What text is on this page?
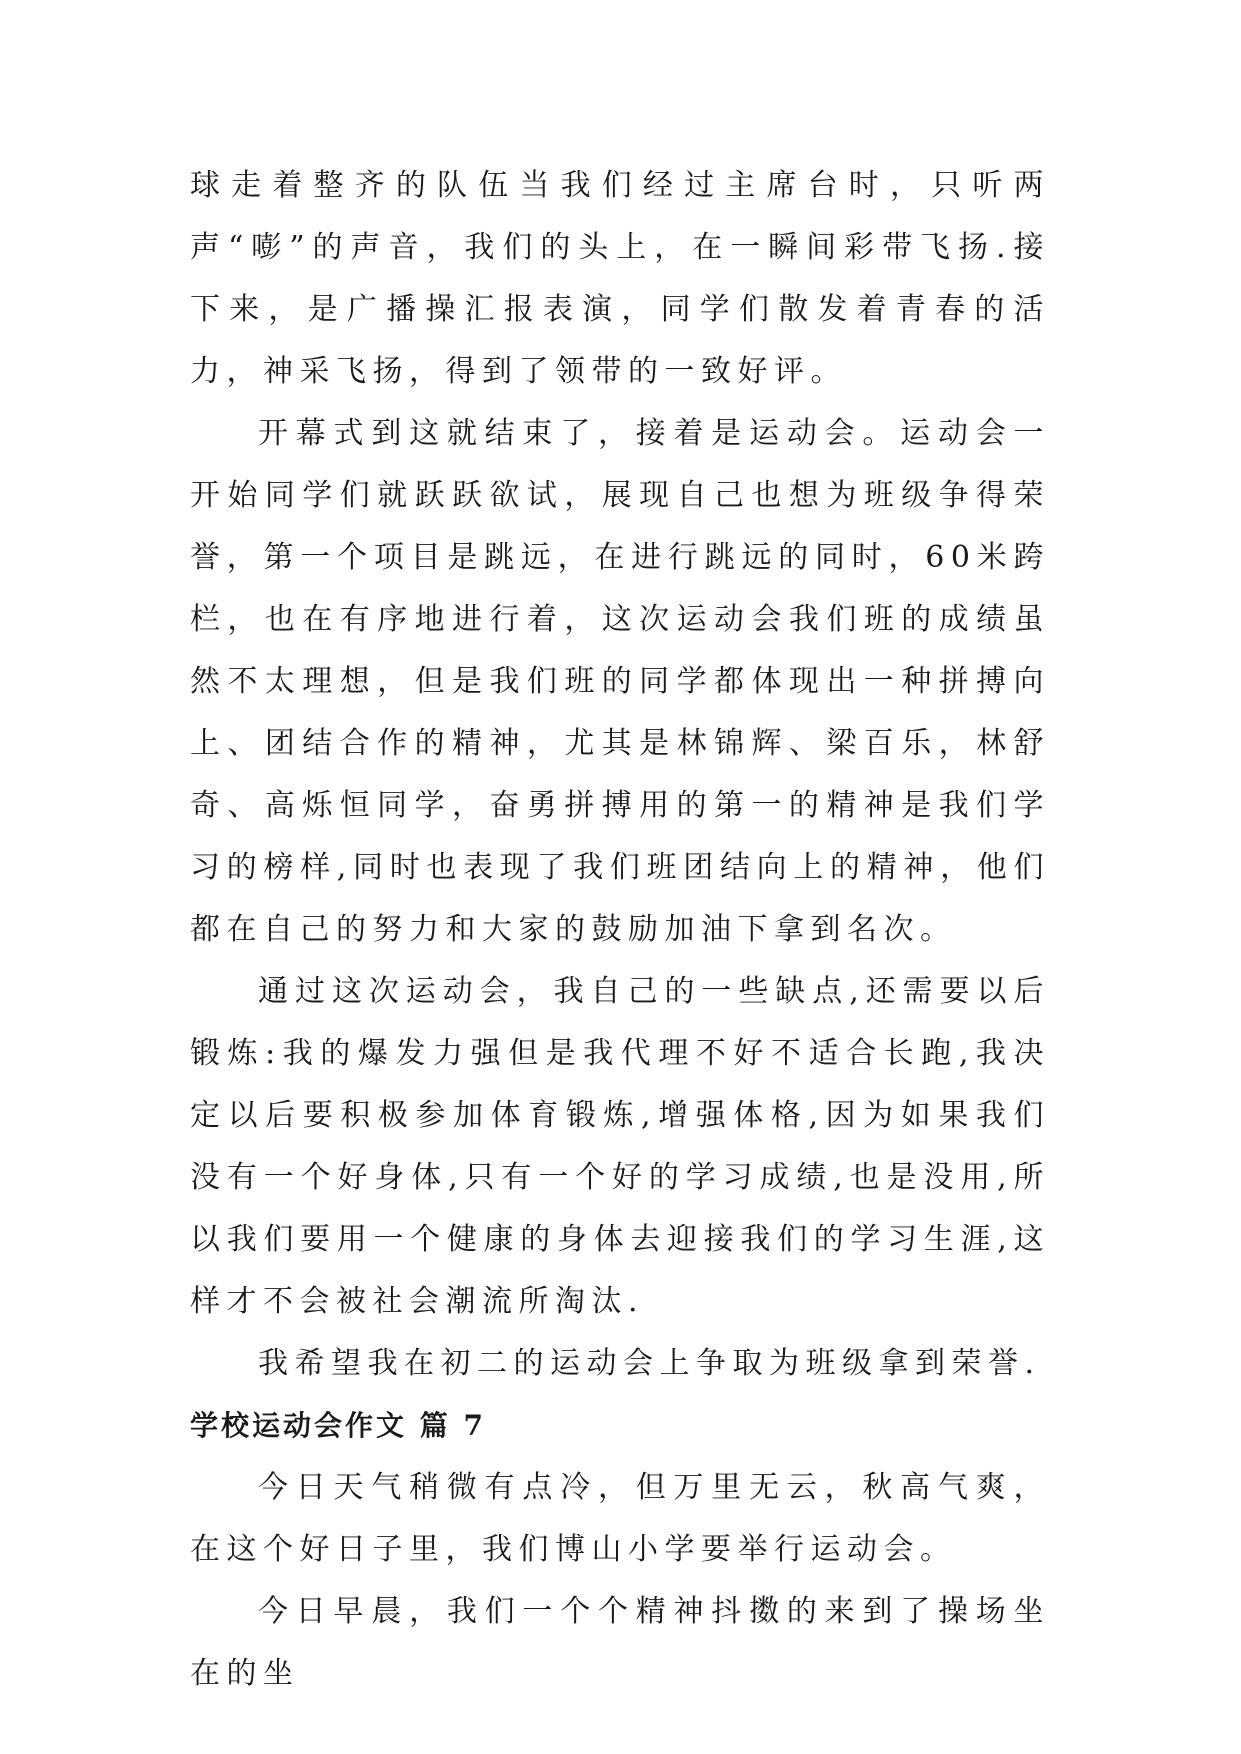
球走着整齐的队伍当我们经过主席台时，只听两声“嘭”的声音，我们的头上，在一瞬间彩带飞扬.接下来，是广播操汇报表演，同学们散发着青春的活力，神采飞扬，得到了领带的一致好评。

开幕式到这就结束了，接着是运动会。运动会一开始同学们就跃跃欲试，展现自己也想为班级争得荣誉，第一个项目是跳远，在进行跳远的同时，60米跨栏，也在有序地进行着，这次运动会我们班的成绩虽然不太理想，但是我们班的同学都体现出一种拼搏向上、团结合作的精神，尤其是林锦辉、梁百乐，林舒奇、高烁恒同学，奋勇拼搏用的第一的精神是我们学习的榜样,同时也表现了我们班团结向上的精神，他们都在自己的努力和大家的鼓励加油下拿到名次。

通过这次运动会，我自己的一些缺点,还需要以后锻炼:我的爆发力强但是我代理不好不适合长跑,我决定以后要积极参加体育锻炼,增强体格,因为如果我们没有一个好身体,只有一个好的学习成绩,也是没用,所以我们要用一个健康的身体去迎接我们的学习生涯,这样才不会被社会潮流所淘汰.

我希望我在初二的运动会上争取为班级拿到荣誉.

学校运动会作文 篇 7

今日天气稍微有点冷，但万里无云，秋高气爽，在这个好日子里，我们博山小学要举行运动会。

今日早晨，我们一个个精神抖擞的来到了操场坐在的坐
